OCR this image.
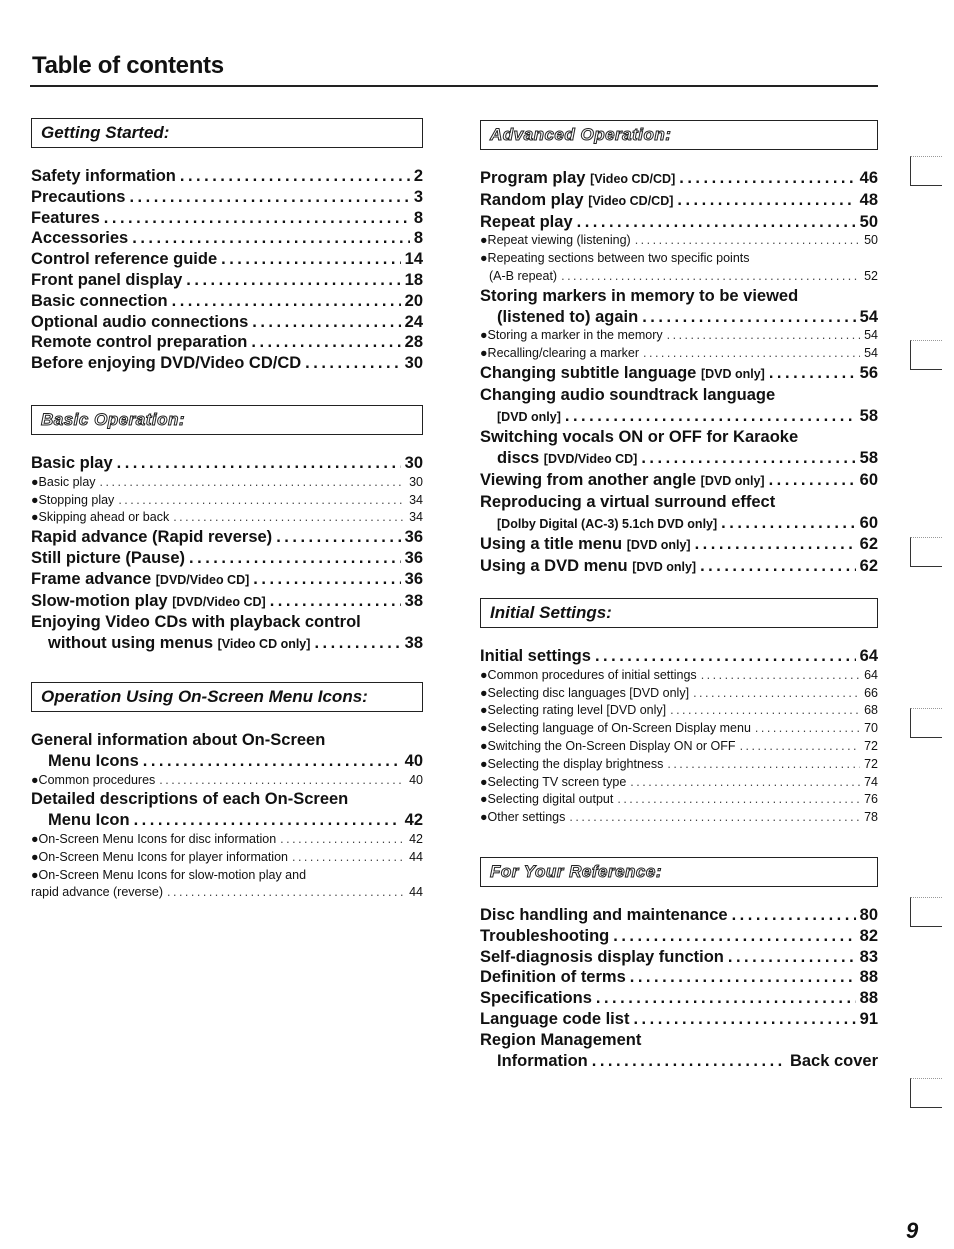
Table of contents
Getting Started:
Safety information .....	2
Precautions .....	3
Features .....	8
Accessories .....	8
Control reference guide .....	14
Front panel display .....	18
Basic connection .....	20
Optional audio connections .....	24
Remote control preparation .....	28
Before enjoying DVD/Video CD/CD .....	30
Basic Operation:
Basic play .....	30
●Basic play .....	30
●Stopping play .....	34
●Skipping ahead or back .....	34
Rapid advance (Rapid reverse) .....	36
Still picture (Pause) .....	36
Frame advance [DVD/Video CD] .....	36
Slow-motion play [DVD/Video CD] .....	38
Enjoying Video CDs with playback control
without using menus [Video CD only] .....	38
Operation Using On-Screen Menu Icons:
General information about On-Screen
Menu Icons .....	40
●Common procedures .....	40
Detailed descriptions of each On-Screen
Menu Icon .....	42
●On-Screen Menu Icons for disc information .....	42
●On-Screen Menu Icons for player information .....	44
●On-Screen Menu Icons for slow-motion play and
rapid advance (reverse) .....	44
Advanced Operation:
Program play [Video CD/CD] .....	46
Random play [Video CD/CD] .....	48
Repeat play .....	50
●Repeat viewing (listening) .....	50
●Repeating sections between two specific points
(A-B repeat) .....	52
Storing markers in memory to be viewed
(listened to) again .....	54
●Storing a marker in the memory .....	54
●Recalling/clearing a marker .....	54
Changing subtitle language [DVD only] .....	56
Changing audio soundtrack language
[DVD only] .....	58
Switching vocals ON or OFF for Karaoke
discs [DVD/Video CD] .....	58
Viewing from another angle [DVD only] .....	60
Reproducing a virtual surround effect
[Dolby Digital (AC-3) 5.1ch DVD only] .....	60
Using a title menu [DVD only] .....	62
Using a DVD menu [DVD only] .....	62
Initial Settings:
Initial settings .....	64
●Common procedures of initial settings .....	64
●Selecting disc languages [DVD only] .....	66
●Selecting rating level [DVD only] .....	68
●Selecting language of On-Screen Display menu .....	70
●Switching the On-Screen Display ON or OFF .....	72
●Selecting the display brightness .....	72
●Selecting TV screen type .....	74
●Selecting digital output .....	76
●Other settings .....	78
For Your Reference:
Disc handling and maintenance .....	80
Troubleshooting .....	82
Self-diagnosis display function .....	83
Definition of terms .....	88
Specifications .....	88
Language code list .....	91
Region Management
Information .....	Back cover
9
